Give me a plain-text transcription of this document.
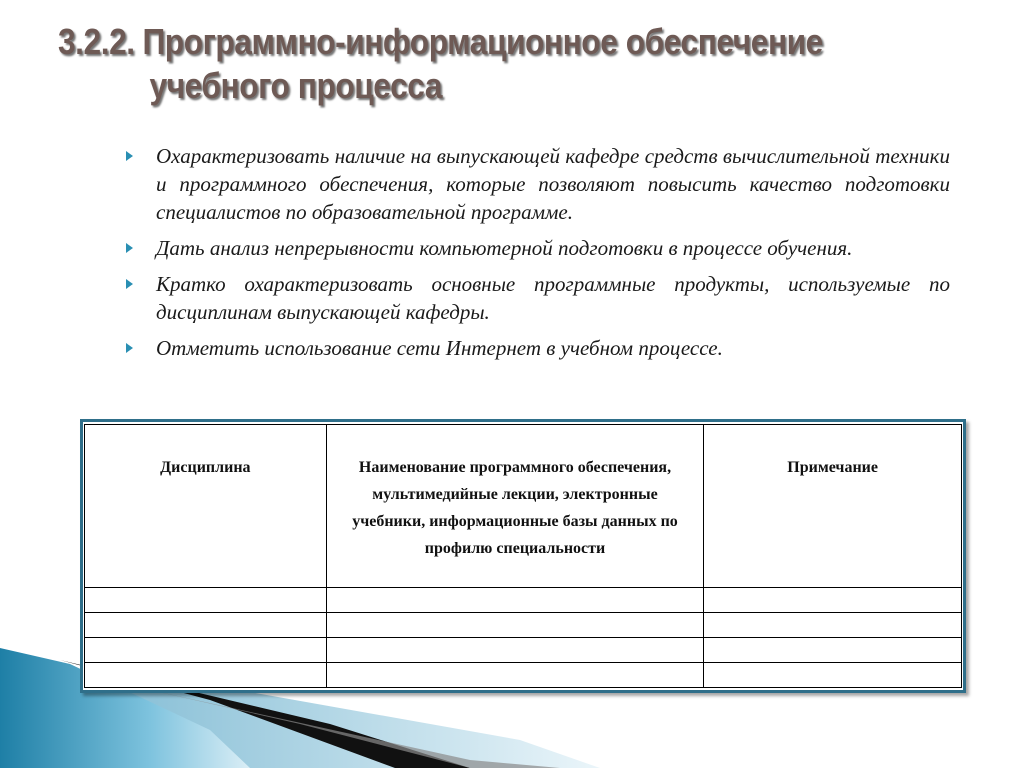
3.2.2. Программно-информационное обеспечение
учебного процесса
Охарактеризовать наличие на выпускающей кафедре средств вычислительной техники и программного обеспечения, которые позволяют повысить качество подготовки специалистов по образовательной программе.
Дать анализ непрерывности компьютерной подготовки в процессе обучения.
Кратко охарактеризовать основные программные продукты, используемые по дисциплинам выпускающей кафедры.
Отметить использование сети Интернет в учебном процессе.
Дисциплина	Наименование программного обеспечения, мультимедийные лекции, электронные учебники, информационные базы данных по профилю специальности	Примечание
